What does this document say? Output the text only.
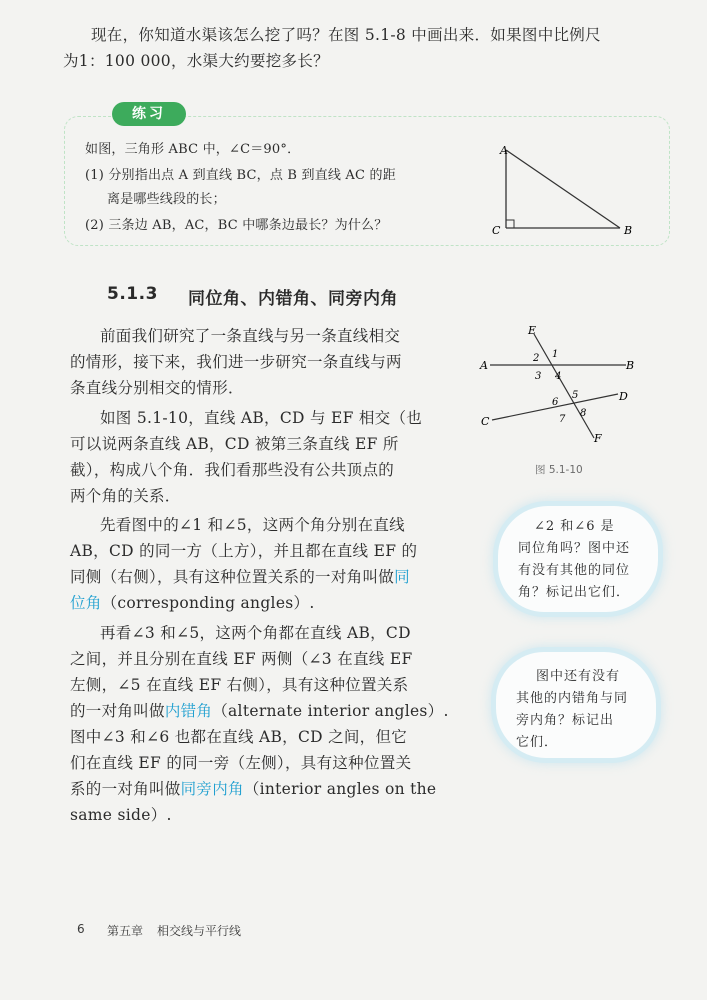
现在，你知道水渠该怎么挖了吗？在图 5.1-8 中画出来．如果图中比例尺
为1：100 000，水渠大约要挖多长？
练习
如图，三角形 ABC 中，∠C＝90°．
(1) 分别指出点 A 到直线 BC，点 B 到直线 AC 的距
离是哪些线段的长；
(2) 三条边 AB，AC，BC 中哪条边最长？为什么？
A
C	B
5.1.3 同位角、内错角、同旁内角
前面我们研究了一条直线与另一条直线相交
的情形，接下来，我们进一步研究一条直线与两
条直线分别相交的情形．
如图 5.1-10，直线 AB，CD 与 EF 相交（也
可以说两条直线 AB，CD 被第三条直线 EF 所
截），构成八个角．我们看那些没有公共顶点的
两个角的关系．
先看图中的∠1 和∠5，这两个角分别在直线
AB，CD 的同一方（上方），并且都在直线 EF 的
同侧（右侧），具有这种位置关系的一对角叫做同
位角（corresponding angles）.
再看∠3 和∠5，这两个角都在直线 AB，CD
之间，并且分别在直线 EF 两侧（∠3 在直线 EF
左侧，∠5 在直线 EF 右侧），具有这种位置关系
的一对角叫做内错角（alternate interior angles）.
图中∠3 和∠6 也都在直线 AB，CD 之间，但它
们在直线 EF 的同一旁（左侧），具有这种位置关
系的一对角叫做同旁内角（interior angles on the
same side）.
A	B
C
D
E
F
1
2
3 4
5
6
7
8
图 5.1-10
∠2 和∠6 是
同位角吗？图中还
有没有其他的同位
角？标记出它们．
图中还有没有
其他的内错角与同
旁内角？标记出
它们．
6 第五章 相交线与平行线
